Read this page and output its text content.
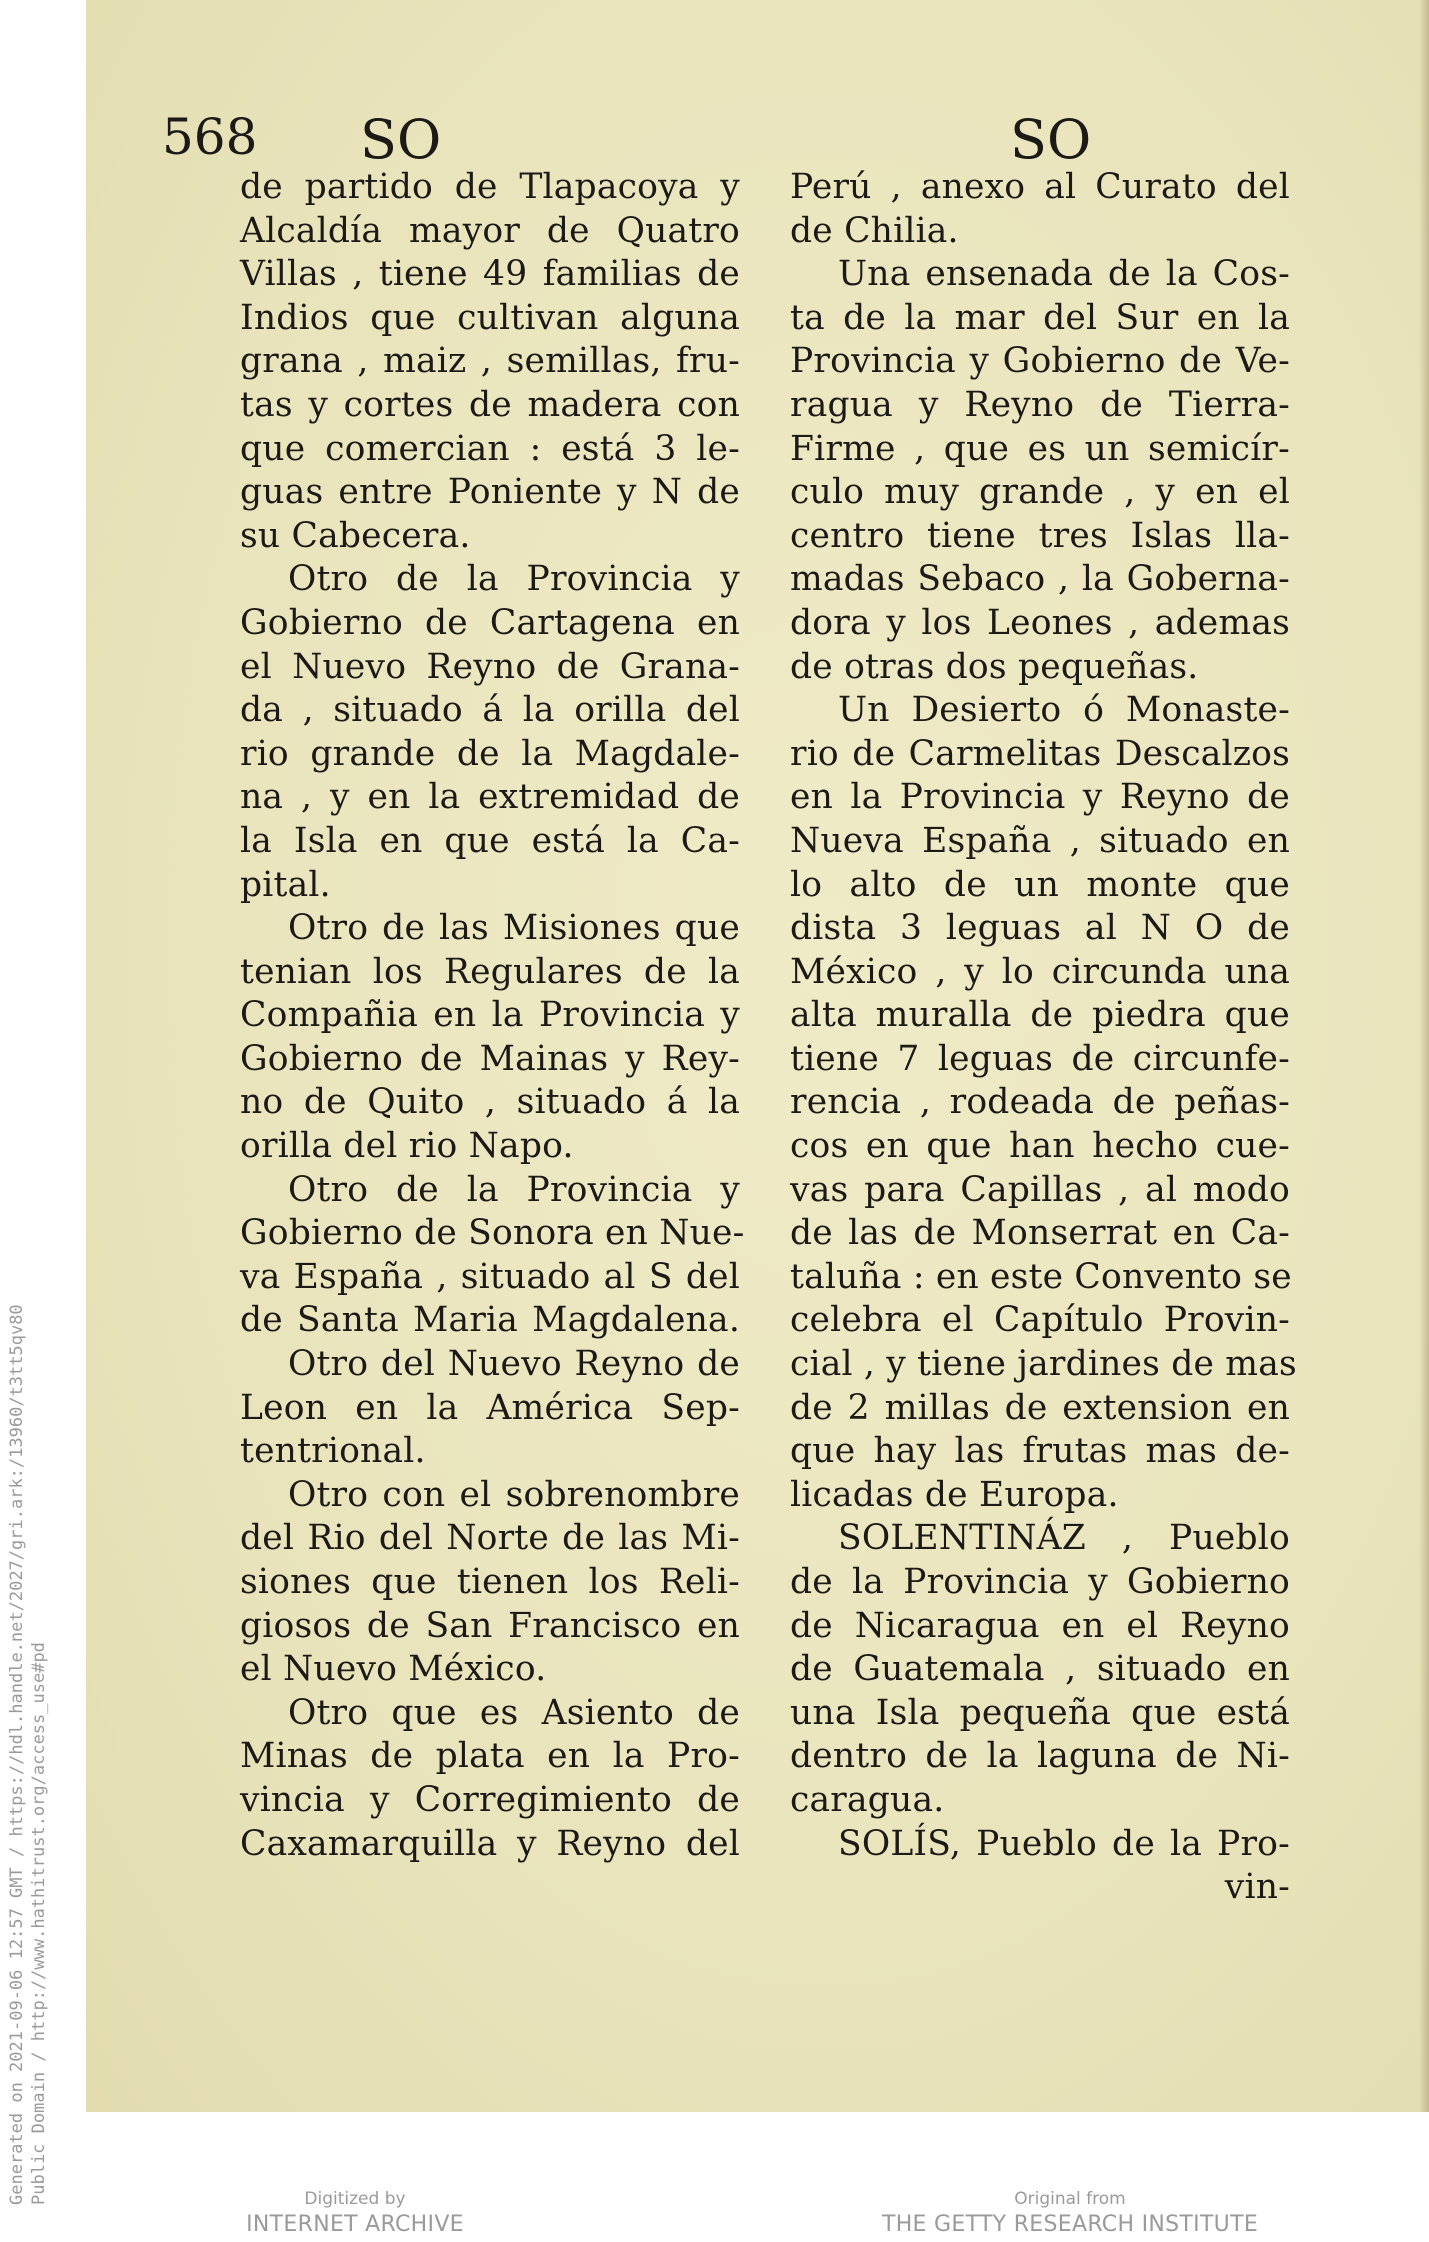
568 SO	SO
de partido de Tlapacoya y
Alcaldía mayor de Quatro
Villas , tiene 49 familias de
Indios que cultivan alguna
grana , maiz , semillas, fru-
tas y cortes de madera con
que comercian : está 3 le-
guas entre Poniente y N de
su Cabecera.
Otro de la Provincia y
Gobierno de Cartagena en
el Nuevo Reyno de Grana-
da , situado á la orilla del
rio grande de la Magdale-
na , y en la extremidad de
la Isla en que está la Ca-
pital.
Otro de las Misiones que
tenian los Regulares de la
Compañia en la Provincia y
Gobierno de Mainas y Rey-
no de Quito , situado á la
orilla del rio Napo.
Otro de la Provincia y
Gobierno de Sonora en Nue-
va España , situado al S del
de Santa Maria Magdalena.
Otro del Nuevo Reyno de
Leon en la América Sep-
tentrional.
Otro con el sobrenombre
del Rio del Norte de las Mi-
siones que tienen los Reli-
giosos de San Francisco en
el Nuevo México.
Otro que es Asiento de
Minas de plata en la Pro-
vincia y Corregimiento de
Caxamarquilla y Reyno del
Perú , anexo al Curato del
de Chilia.
Una ensenada de la Cos-
ta de la mar del Sur en la
Provincia y Gobierno de Ve-
ragua y Reyno de Tierra-
Firme , que es un semicír-
culo muy grande , y en el
centro tiene tres Islas lla-
madas Sebaco , la Goberna-
dora y los Leones , ademas
de otras dos pequeñas.
Un Desierto ó Monaste-
rio de Carmelitas Descalzos
en la Provincia y Reyno de
Nueva España , situado en
lo alto de un monte que
dista 3 leguas al N O de
México , y lo circunda una
alta muralla de piedra que
tiene 7 leguas de circunfe-
rencia , rodeada de peñas-
cos en que han hecho cue-
vas para Capillas , al modo
de las de Monserrat en Ca-
taluña : en este Convento se
celebra el Capítulo Provin-
cial , y tiene jardines de mas
de 2 millas de extension en
que hay las frutas mas de-
licadas de Europa.
SOLENTINÁZ , Pueblo
de la Provincia y Gobierno
de Nicaragua en el Reyno
de Guatemala , situado en
una Isla pequeña que está
dentro de la laguna de Ni-
caragua.
SOLÍS, Pueblo de la Pro-
vin-
Generated on 2021-09-06 12:57 GMT / https://hdl.handle.net/2027/gri.ark:/13960/t3tt5qv80 Public Domain / http://www.hathitrust.org/access_use#pd	Digitized by
INTERNET ARCHIVE
Original from
THE GETTY RESEARCH INSTITUTE
